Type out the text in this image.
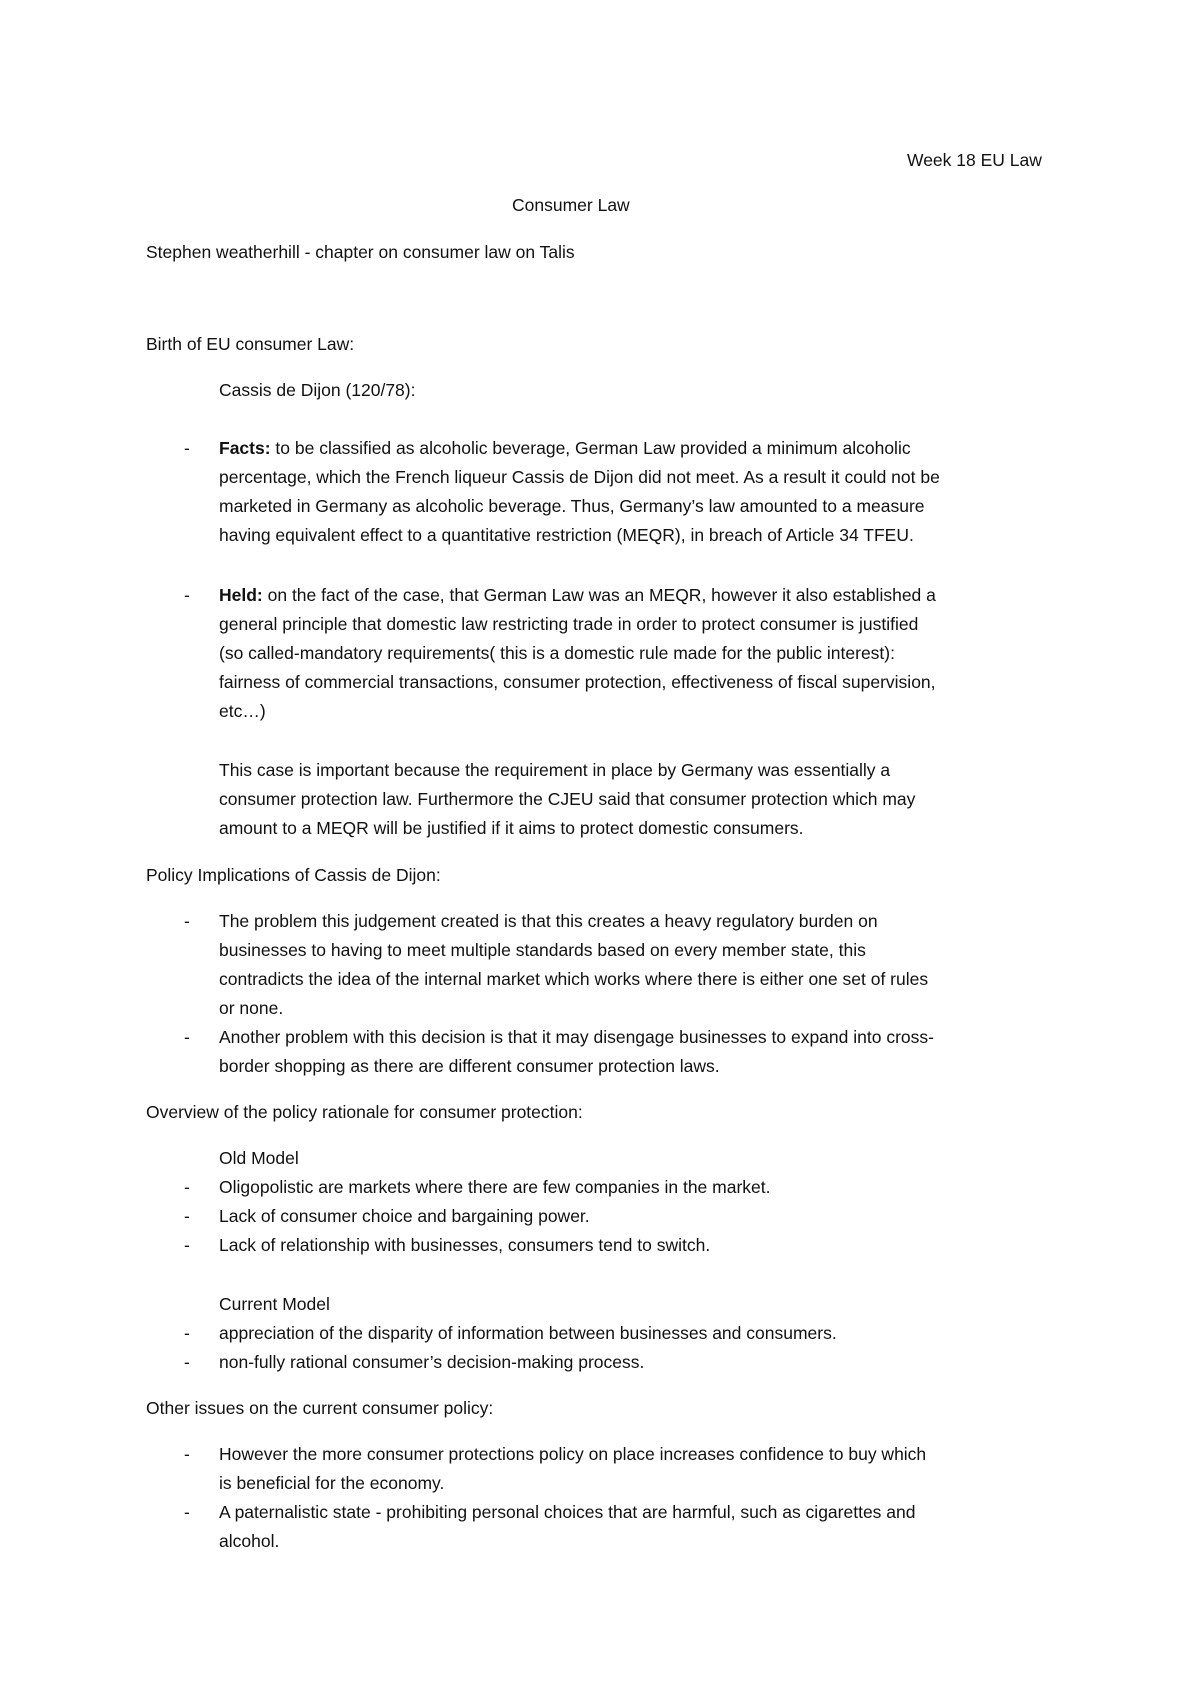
Week 18 EU Law
Consumer Law
Stephen weatherhill - chapter on consumer law on Talis
Birth of EU consumer Law:
Cassis de Dijon (120/78):
- Facts: to be classified as alcoholic beverage, German Law provided a minimum alcoholic
percentage, which the French liqueur Cassis de Dijon did not meet. As a result it could not be
marketed in Germany as alcoholic beverage. Thus, Germany’s law amounted to a measure
having equivalent effect to a quantitative restriction (MEQR), in breach of Article 34 TFEU.
- Held: on the fact of the case, that German Law was an MEQR, however it also established a
general principle that domestic law restricting trade in order to protect consumer is justified
(so called-mandatory requirements( this is a domestic rule made for the public interest):
fairness of commercial transactions, consumer protection, effectiveness of fiscal supervision,
etc…)
This case is important because the requirement in place by Germany was essentially a
consumer protection law. Furthermore the CJEU said that consumer protection which may
amount to a MEQR will be justified if it aims to protect domestic consumers.
Policy Implications of Cassis de Dijon:
- The problem this judgement created is that this creates a heavy regulatory burden on
businesses to having to meet multiple standards based on every member state, this
contradicts the idea of the internal market which works where there is either one set of rules
or none.
- Another problem with this decision is that it may disengage businesses to expand into cross-
border shopping as there are different consumer protection laws.
Overview of the policy rationale for consumer protection:
Old Model
- Oligopolistic are markets where there are few companies in the market.
- Lack of consumer choice and bargaining power.
- Lack of relationship with businesses, consumers tend to switch.
Current Model
- appreciation of the disparity of information between businesses and consumers.
- non-fully rational consumer’s decision-making process.
Other issues on the current consumer policy:
- However the more consumer protections policy on place increases confidence to buy which
is beneficial for the economy.
- A paternalistic state - prohibiting personal choices that are harmful, such as cigarettes and
alcohol.
